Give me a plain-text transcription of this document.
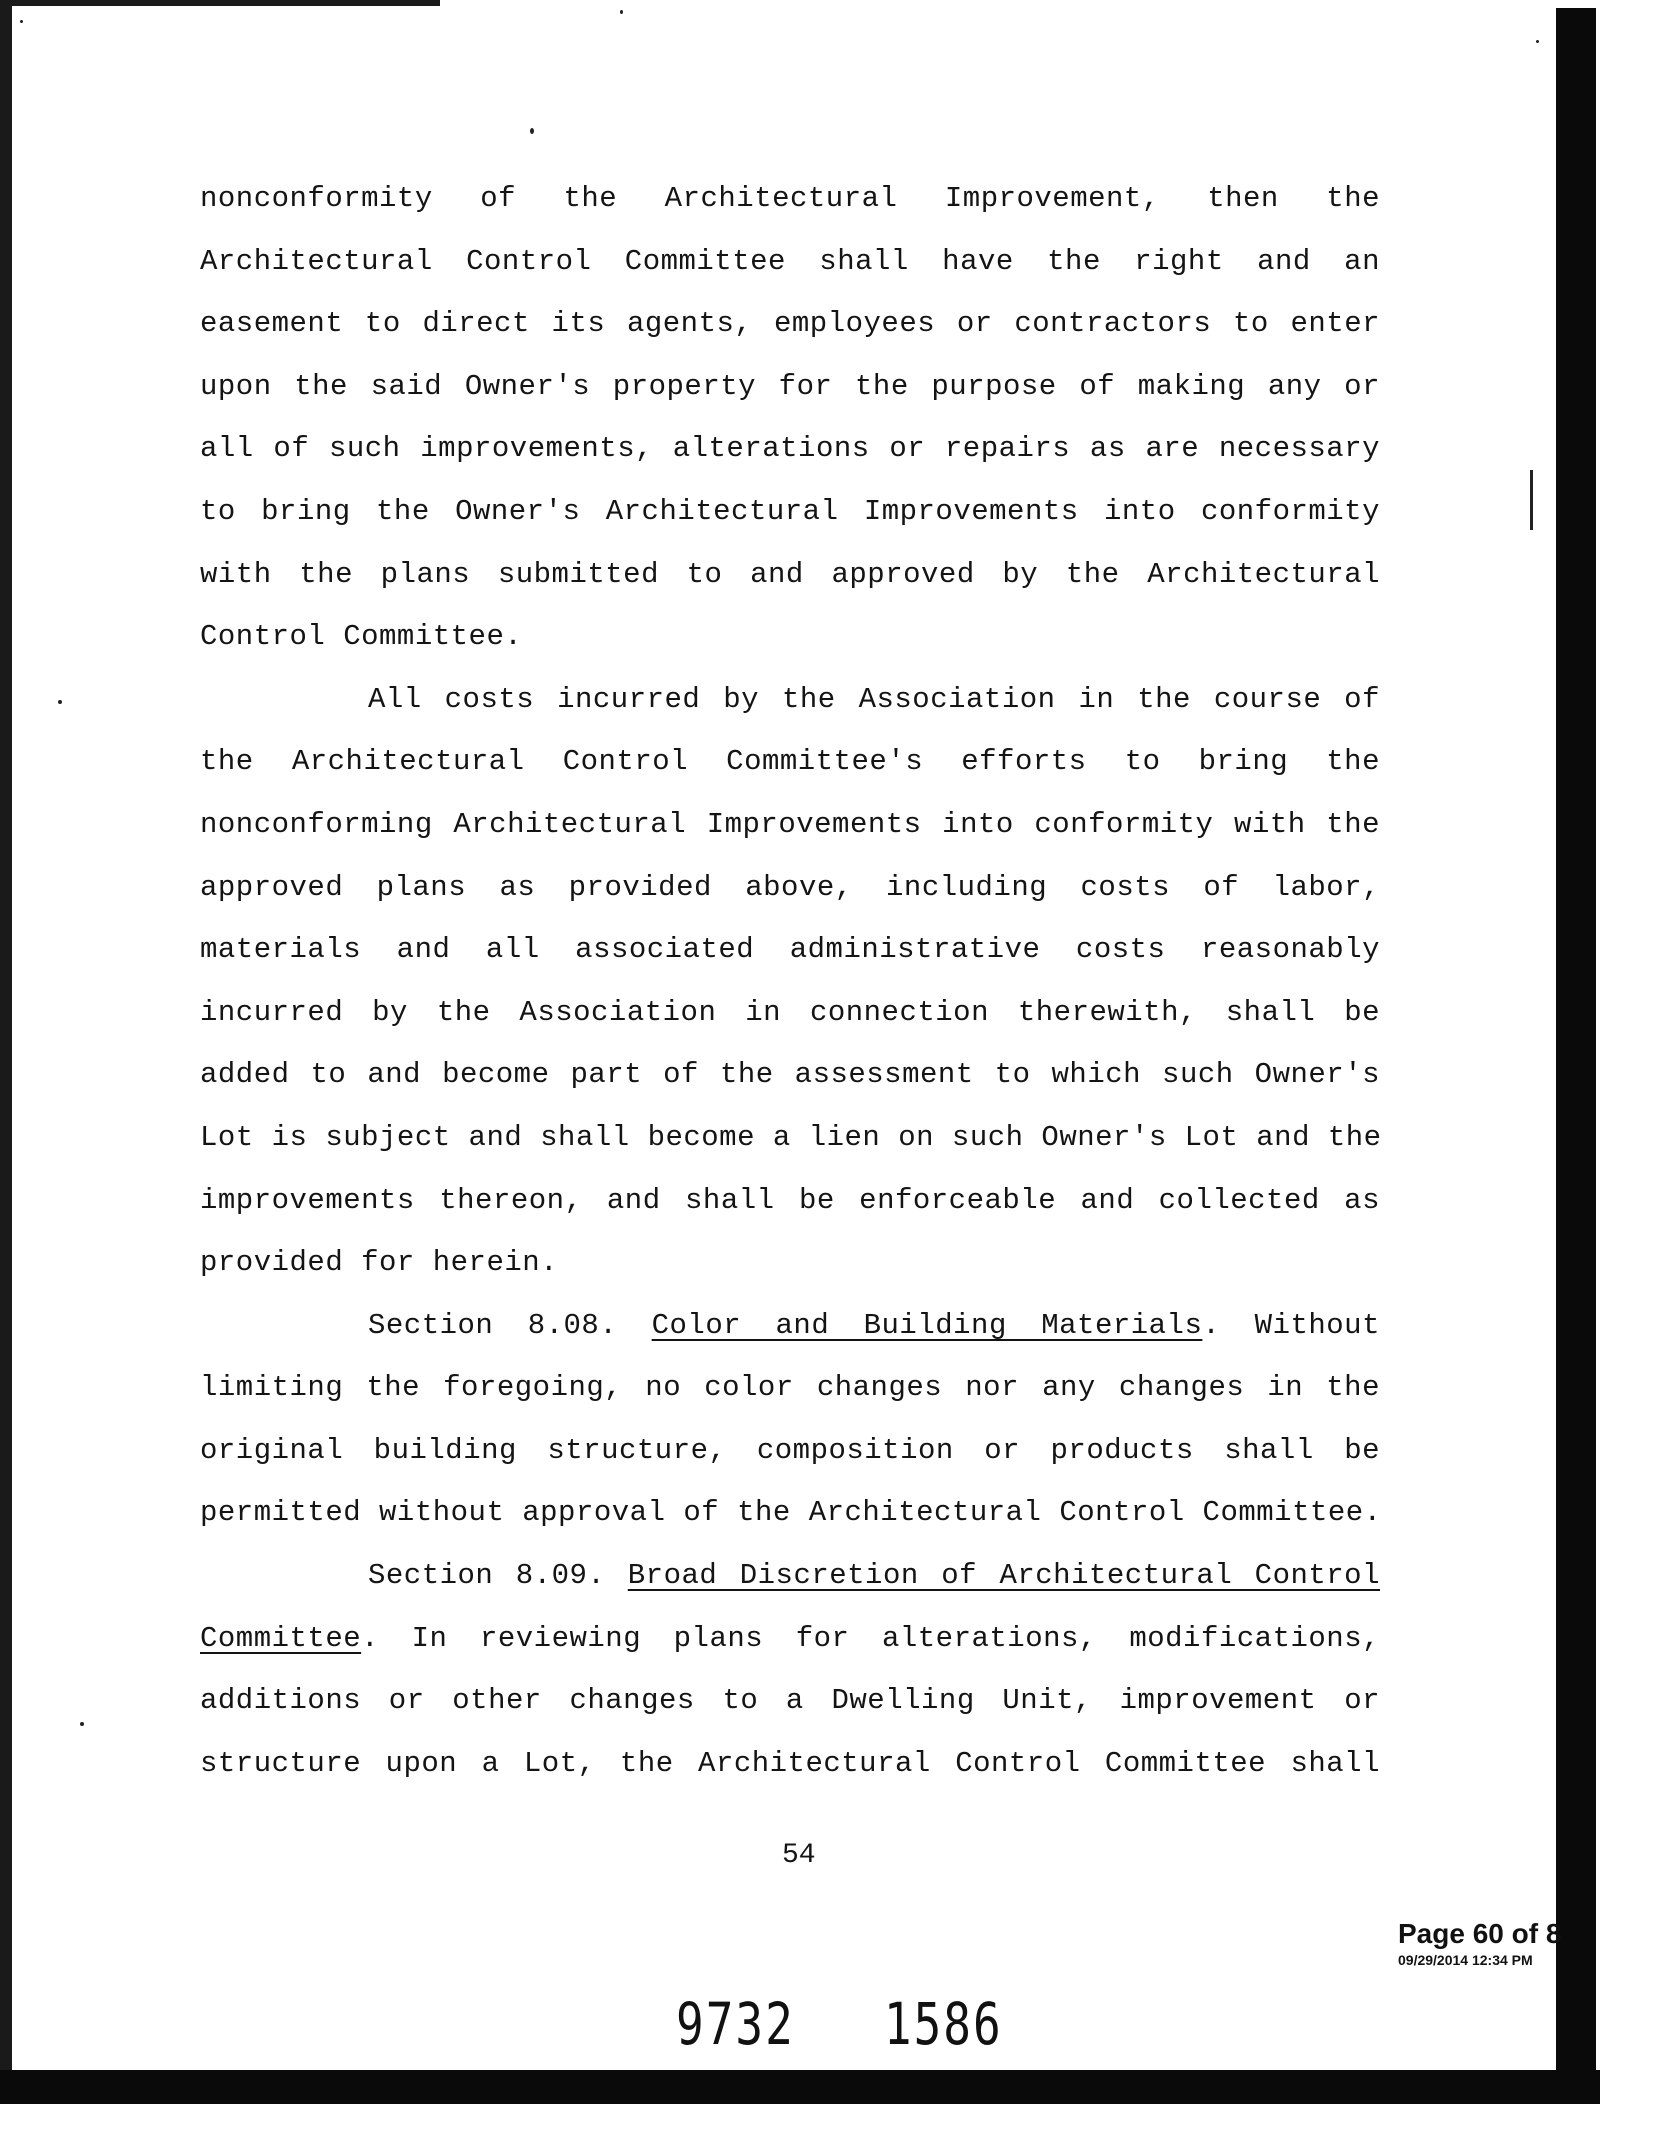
nonconformity of the Architectural Improvement, then the
Architectural Control Committee shall have the right and an
easement to direct its agents, employees or contractors to enter
upon the said Owner's property for the purpose of making any or
all of such improvements, alterations or repairs as are necessary
to bring the Owner's Architectural Improvements into conformity
with the plans submitted to and approved by the Architectural
Control Committee.
All costs incurred by the Association in the course of
the Architectural Control Committee's efforts to bring the
nonconforming Architectural Improvements into conformity with the
approved plans as provided above, including costs of labor,
materials and all associated administrative costs reasonably
incurred by the Association in connection therewith, shall be
added to and become part of the assessment to which such Owner's
Lot is subject and shall become a lien on such Owner's Lot and the
improvements thereon, and shall be enforceable and collected as
provided for herein.
Section 8.08. Color and Building Materials. Without
limiting the foregoing, no color changes nor any changes in the
original building structure, composition or products shall be
permitted without approval of the Architectural Control Committee.
Section 8.09. Broad Discretion of Architectural Control
Committee. In reviewing plans for alterations, modifications,
additions or other changes to a Dwelling Unit, improvement or
structure upon a Lot, the Architectural Control Committee shall
54
Page 60 of 8
09/29/2014 12:34 PM
9732 1586
